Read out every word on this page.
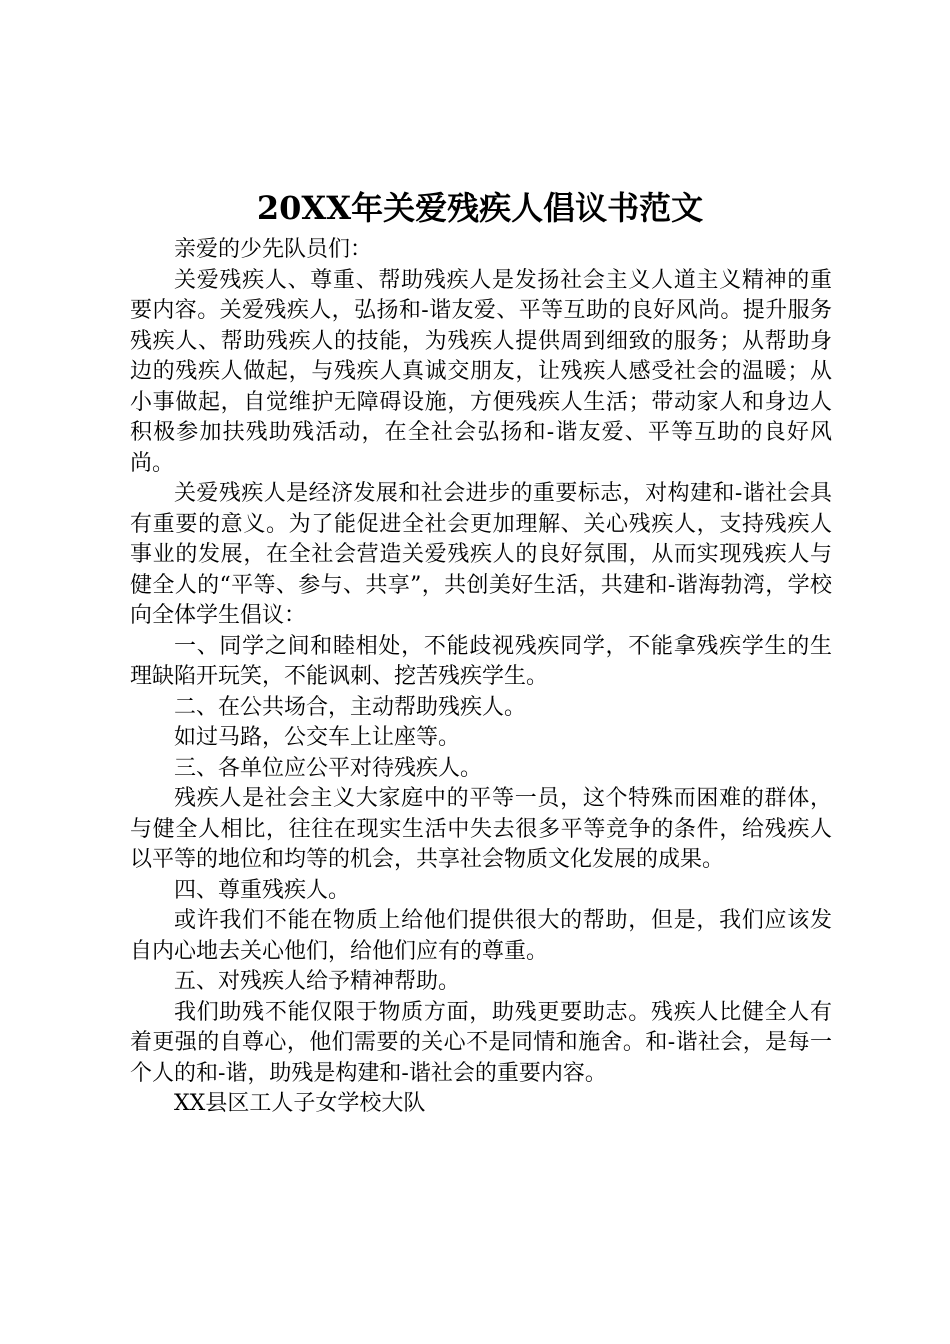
20XX年关爱残疾人倡议书范文

亲爱的少先队员们：

关爱残疾人、尊重、帮助残疾人是发扬社会主义人道主义精神的重要内容。关爱残疾人，弘扬和-谐友爱、平等互助的良好风尚。提升服务残疾人、帮助残疾人的技能，为残疾人提供周到细致的服务；从帮助身边的残疾人做起，与残疾人真诚交朋友，让残疾人感受社会的温暖；从小事做起，自觉维护无障碍设施，方便残疾人生活；带动家人和身边人积极参加扶残助残活动，在全社会弘扬和-谐友爱、平等互助的良好风尚。

关爱残疾人是经济发展和社会进步的重要标志，对构建和-谐社会具有重要的意义。为了能促进全社会更加理解、关心残疾人，支持残疾人事业的发展，在全社会营造关爱残疾人的良好氛围，从而实现残疾人与健全人的“平等、参与、共享”，共创美好生活，共建和-谐海勃湾，学校向全体学生倡议：

一、同学之间和睦相处，不能歧视残疾同学，不能拿残疾学生的生理缺陷开玩笑，不能讽刺、挖苦残疾学生。

二、在公共场合，主动帮助残疾人。

如过马路，公交车上让座等。

三、各单位应公平对待残疾人。

残疾人是社会主义大家庭中的平等一员，这个特殊而困难的群体，与健全人相比，往往在现实生活中失去很多平等竞争的条件，给残疾人以平等的地位和均等的机会，共享社会物质文化发展的成果。

四、尊重残疾人。

或许我们不能在物质上给他们提供很大的帮助，但是，我们应该发自内心地去关心他们，给他们应有的尊重。

五、对残疾人给予精神帮助。

我们助残不能仅限于物质方面，助残更要助志。残疾人比健全人有着更强的自尊心，他们需要的关心不是同情和施舍。和-谐社会，是每一个人的和-谐，助残是构建和-谐社会的重要内容。

XX县区工人子女学校大队
